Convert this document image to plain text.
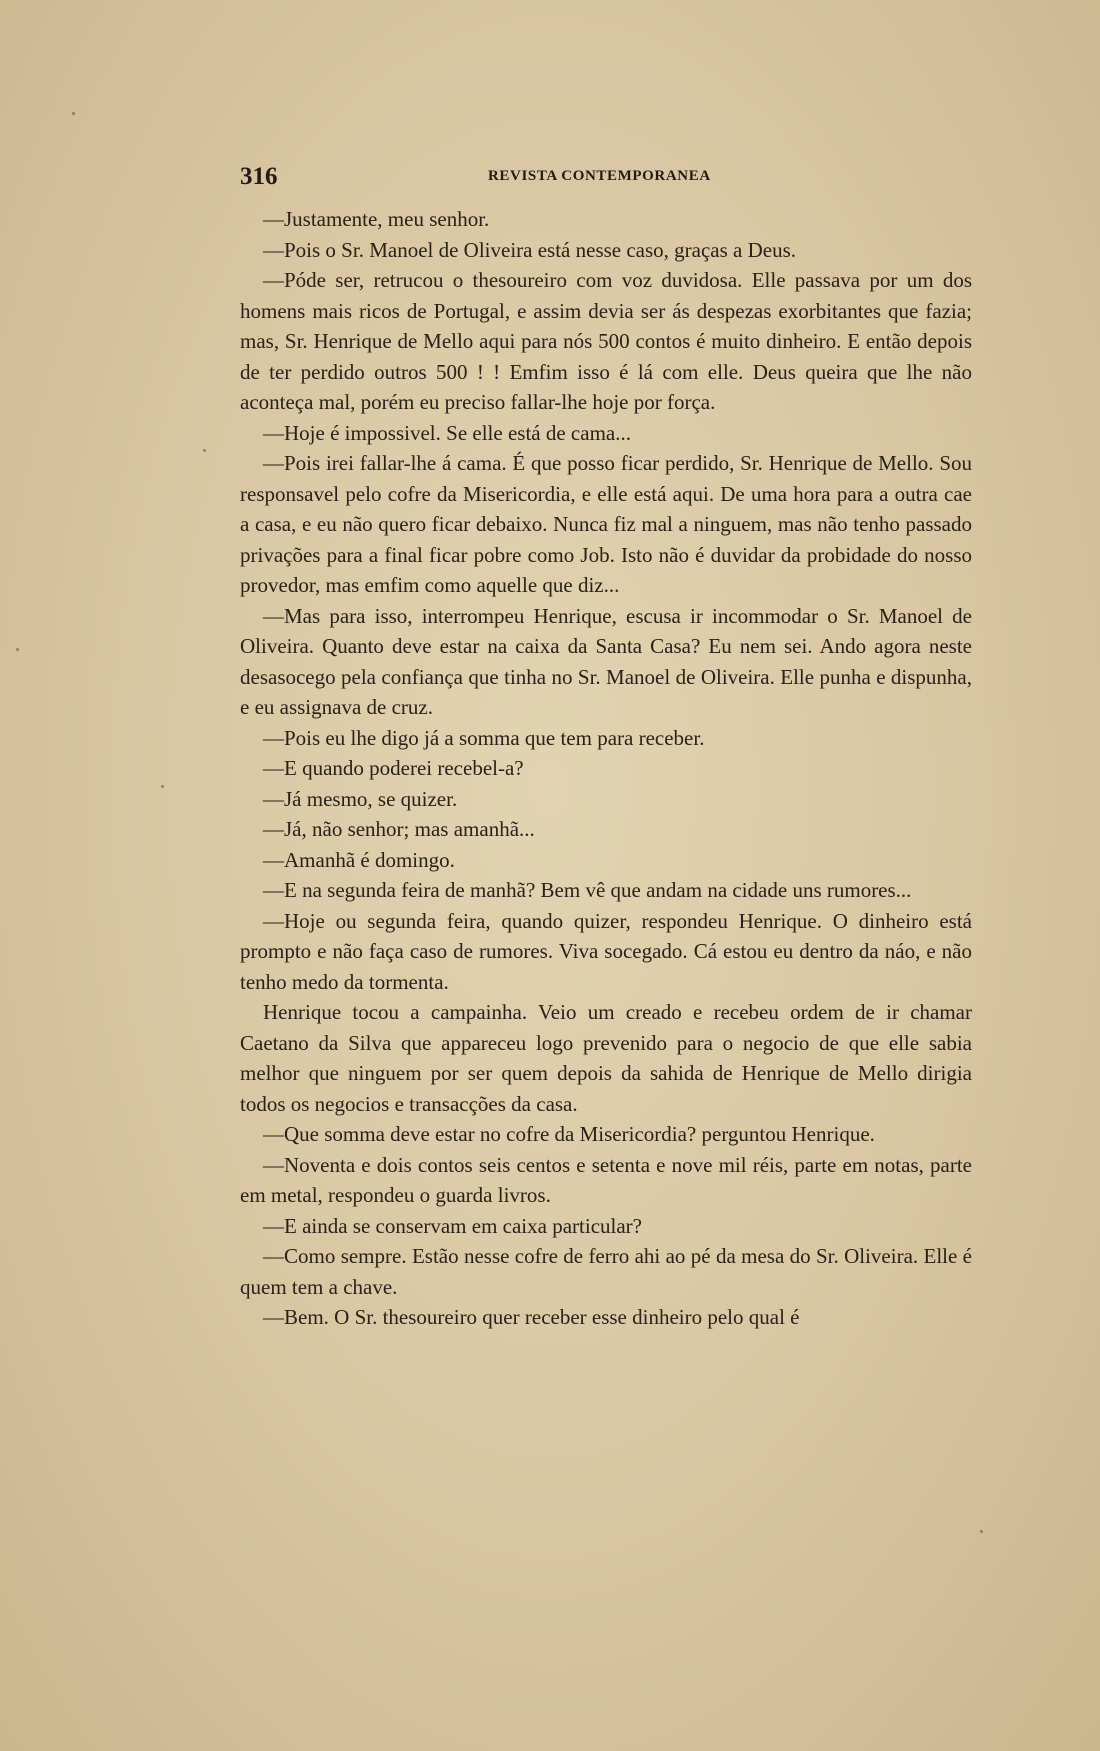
316	REVISTA CONTEMPORANEA

—Justamente, meu senhor.

—Pois o Sr. Manoel de Oliveira está nesse caso, graças a Deus.

—Póde ser, retrucou o thesoureiro com voz duvidosa. Elle passava por um dos homens mais ricos de Portugal, e assim devia ser ás despezas exorbitantes que fazia; mas, Sr. Henrique de Mello aqui para nós 500 contos é muito dinheiro. E então depois de ter perdido outros 500 ! ! Emfim isso é lá com elle. Deus queira que lhe não aconteça mal, porém eu preciso fallar-lhe hoje por força.

—Hoje é impossivel. Se elle está de cama...

—Pois irei fallar-lhe á cama. É que posso ficar perdido, Sr. Henrique de Mello. Sou responsavel pelo cofre da Misericordia, e elle está aqui. De uma hora para a outra cae a casa, e eu não quero ficar debaixo. Nunca fiz mal a ninguem, mas não tenho passado privações para a final ficar pobre como Job. Isto não é duvidar da probidade do nosso provedor, mas emfim como aquelle que diz...

—Mas para isso, interrompeu Henrique, escusa ir incommodar o Sr. Manoel de Oliveira. Quanto deve estar na caixa da Santa Casa? Eu nem sei. Ando agora neste desasocego pela confiança que tinha no Sr. Manoel de Oliveira. Elle punha e dispunha, e eu assignava de cruz.

—Pois eu lhe digo já a somma que tem para receber.

—E quando poderei recebel-a?

—Já mesmo, se quizer.

—Já, não senhor; mas amanhã...

—Amanhã é domingo.

—E na segunda feira de manhã? Bem vê que andam na cidade uns rumores...

—Hoje ou segunda feira, quando quizer, respondeu Henrique. O dinheiro está prompto e não faça caso de rumores. Viva socegado. Cá estou eu dentro da náo, e não tenho medo da tormenta.

Henrique tocou a campainha. Veio um creado e recebeu ordem de ir chamar Caetano da Silva que appareceu logo prevenido para o negocio de que elle sabia melhor que ninguem por ser quem depois da sahida de Henrique de Mello dirigia todos os negocios e transacções da casa.

—Que somma deve estar no cofre da Misericordia? perguntou Henrique.

—Noventa e dois contos seis centos e setenta e nove mil réis, parte em notas, parte em metal, respondeu o guarda livros.

—E ainda se conservam em caixa particular?

—Como sempre. Estão nesse cofre de ferro ahi ao pé da mesa do Sr. Oliveira. Elle é quem tem a chave.

—Bem. O Sr. thesoureiro quer receber esse dinheiro pelo qual é
